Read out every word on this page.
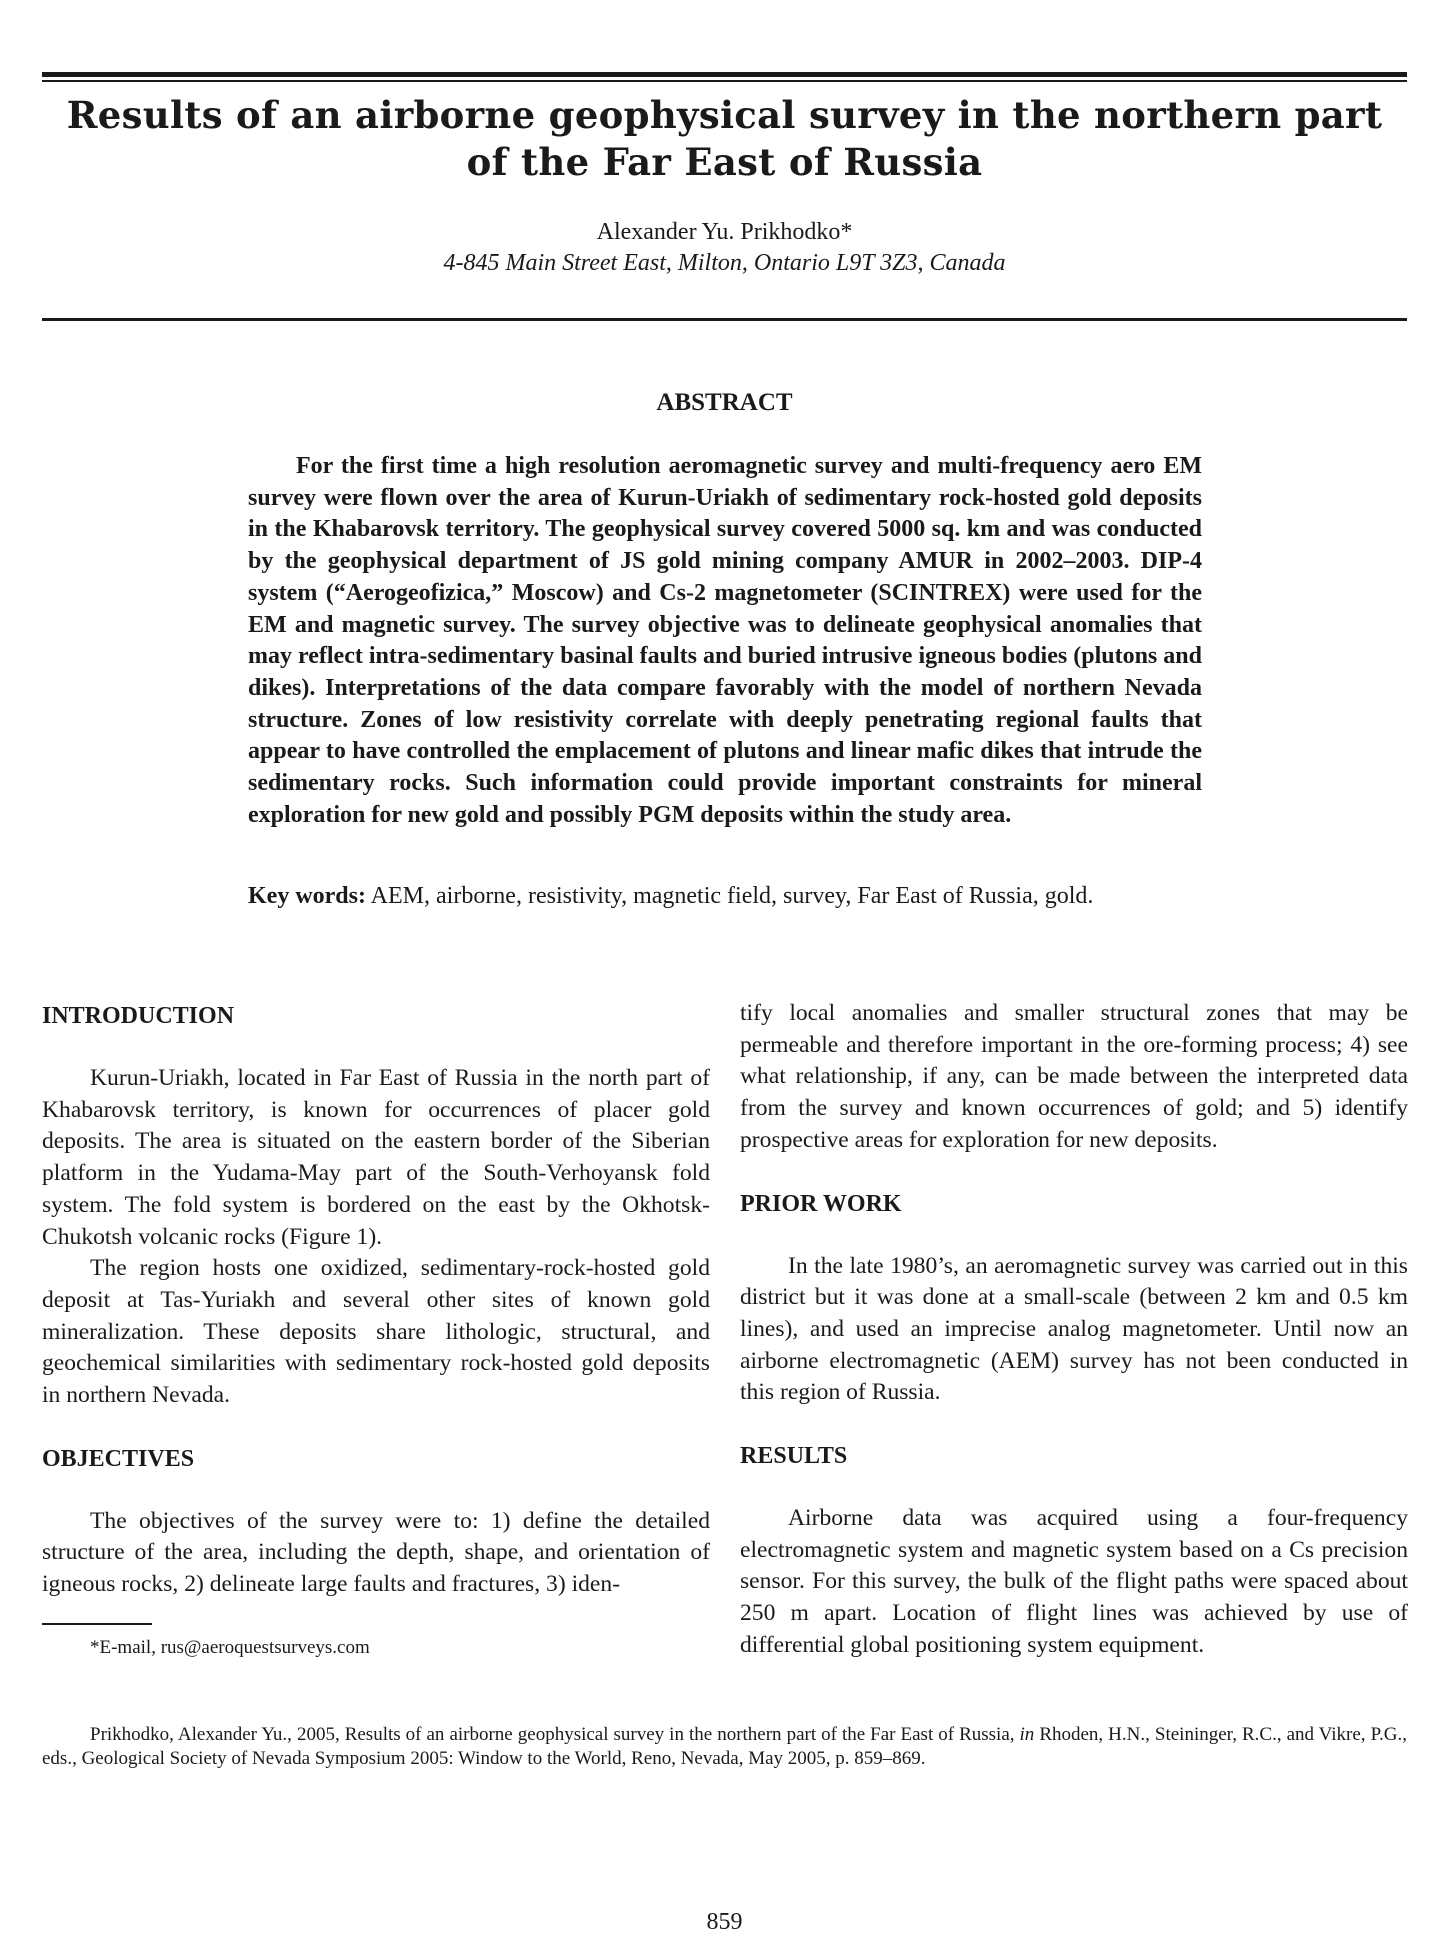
Results of an airborne geophysical survey in the northern part of the Far East of Russia
Alexander Yu. Prikhodko*
4-845 Main Street East, Milton, Ontario L9T 3Z3, Canada
ABSTRACT
For the first time a high resolution aeromagnetic survey and multi-frequency aero EM survey were flown over the area of Kurun-Uriakh of sedimentary rock-hosted gold deposits in the Khabarovsk territory. The geophysical survey covered 5000 sq. km and was conducted by the geophysical department of JS gold mining company AMUR in 2002–2003. DIP-4 system (“Aerogeofizica,” Moscow) and Cs-2 magnetometer (SCINTREX) were used for the EM and magnetic survey. The survey objective was to delineate geophysical anomalies that may reflect intra-sedimentary basinal faults and buried intrusive igneous bodies (plutons and dikes). Interpretations of the data compare favorably with the model of northern Nevada structure. Zones of low resistivity correlate with deeply penetrating regional faults that appear to have controlled the emplacement of plutons and linear mafic dikes that intrude the sedimentary rocks. Such information could provide important constraints for mineral exploration for new gold and possibly PGM deposits within the study area.
Key words: AEM, airborne, resistivity, magnetic field, survey, Far East of Russia, gold.
INTRODUCTION

Kurun-Uriakh, located in Far East of Russia in the north part of Khabarovsk territory, is known for occurrences of placer gold deposits. The area is situated on the eastern border of the Siberian platform in the Yudama-May part of the South-Verhoyansk fold system. The fold system is bordered on the east by the Okhotsk-Chukotsh volcanic rocks (Figure 1).

The region hosts one oxidized, sedimentary-rock-hosted gold deposit at Tas-Yuriakh and several other sites of known gold mineralization. These deposits share lithologic, structural, and geochemical similarities with sedimentary rock-hosted gold deposits in northern Nevada.

OBJECTIVES

The objectives of the survey were to: 1) define the detailed structure of the area, including the depth, shape, and orientation of igneous rocks, 2) delineate large faults and fractures, 3) iden-

tify local anomalies and smaller structural zones that may be permeable and therefore important in the ore-forming process; 4) see what relationship, if any, can be made between the interpreted data from the survey and known occurrences of gold; and 5) identify prospective areas for exploration for new deposits.

PRIOR WORK

In the late 1980’s, an aeromagnetic survey was carried out in this district but it was done at a small-scale (between 2 km and 0.5 km lines), and used an imprecise analog magnetometer. Until now an airborne electromagnetic (AEM) survey has not been conducted in this region of Russia.

RESULTS

Airborne data was acquired using a four-frequency electromagnetic system and magnetic system based on a Cs precision sensor. For this survey, the bulk of the flight paths were spaced about 250 m apart. Location of flight lines was achieved by use of differential global positioning system equipment.

*E-mail, rus@aeroquestsurveys.com
Prikhodko, Alexander Yu., 2005, Results of an airborne geophysical survey in the northern part of the Far East of Russia, in Rhoden, H.N., Steininger, R.C., and Vikre, P.G., eds., Geological Society of Nevada Symposium 2005: Window to the World, Reno, Nevada, May 2005, p. 859–869.
859
